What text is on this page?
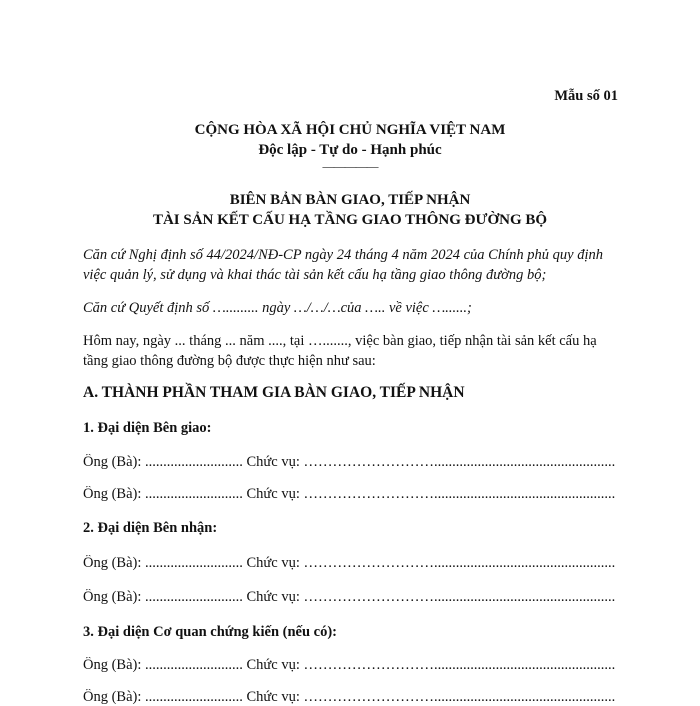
Mẫu số 01
CỘNG HÒA XÃ HỘI CHỦ NGHĨA VIỆT NAM
Độc lập - Tự do - Hạnh phúc
—————
BIÊN BẢN BÀN GIAO, TIẾP NHẬN
TÀI SẢN KẾT CẤU HẠ TẦNG GIAO THÔNG ĐƯỜNG BỘ
Căn cứ Nghị định số 44/2024/NĐ-CP ngày 24 tháng 4 năm 2024 của Chính phủ quy định việc quản lý, sử dụng và khai thác tài sản kết cấu hạ tầng giao thông đường bộ;
Căn cứ Quyết định số …......... ngày …/…/…của ….. về việc …......;
Hôm nay, ngày ... tháng ... năm ...., tại …......., việc bàn giao, tiếp nhận tài sản kết cấu hạ tầng giao thông đường bộ được thực hiện như sau:
A. THÀNH PHẦN THAM GIA BÀN GIAO, TIẾP NHẬN
1. Đại diện Bên giao:
Ông (Bà): ........................... Chức vụ: ………………………..................................................
Ông (Bà): ........................... Chức vụ: ………………………..................................................
2. Đại diện Bên nhận:
Ông (Bà): ........................... Chức vụ: ………………………..................................................
Ông (Bà): ........................... Chức vụ: ………………………..................................................
3. Đại diện Cơ quan chứng kiến (nếu có):
Ông (Bà): ........................... Chức vụ: ………………………..................................................
Ông (Bà): ........................... Chức vụ: ………………………..................................................
